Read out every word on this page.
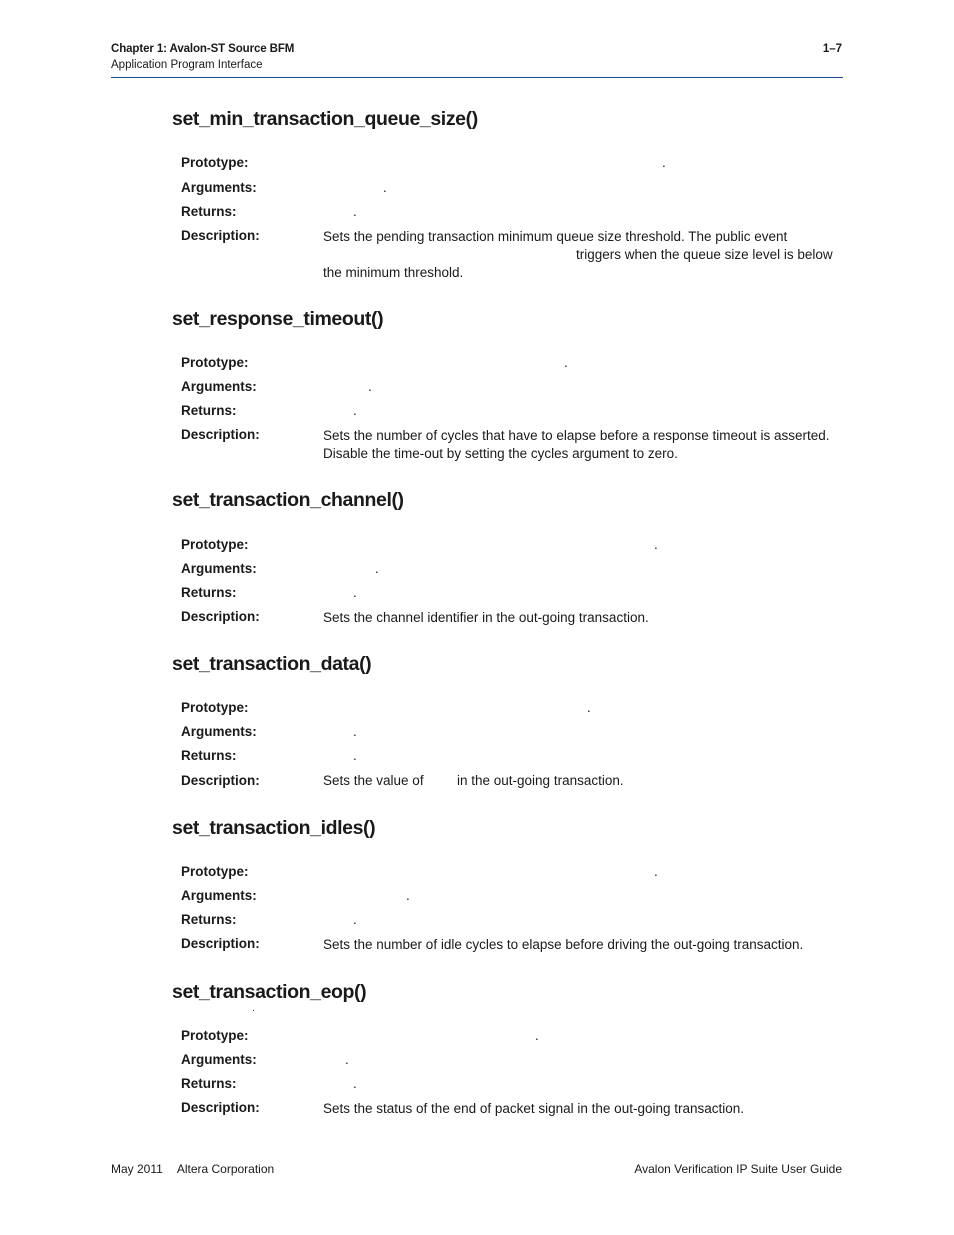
Chapter 1: Avalon-ST Source BFM
Application Program Interface
1–7
set_min_transaction_queue_size()
Prototype:	.
Arguments:	.
Returns:	.
Description:	Sets the pending transaction minimum queue size threshold. The public event
triggers when the queue size level is below
the minimum threshold.
set_response_timeout()
Prototype:	.
Arguments:	.
Returns:	.
Description:	Sets the number of cycles that have to elapse before a response timeout is asserted.
Disable the time-out by setting the cycles argument to zero.
set_transaction_channel()
Prototype:	.
Arguments:	.
Returns:	.
Description:	Sets the channel identifier in the out-going transaction.
set_transaction_data()
Prototype:	.
Arguments:	.
Returns:	.
Description:	Sets the value of in the out-going transaction.
set_transaction_idles()
Prototype:	.
Arguments:	.
Returns:	.
Description:	Sets the number of idle cycles to elapse before driving the out-going transaction.
set_transaction_eop()
.
Prototype:	.
Arguments:	.
Returns:	.
Description:	Sets the status of the end of packet signal in the out-going transaction.
May 2011 Altera Corporation	Avalon Verification IP Suite User Guide
